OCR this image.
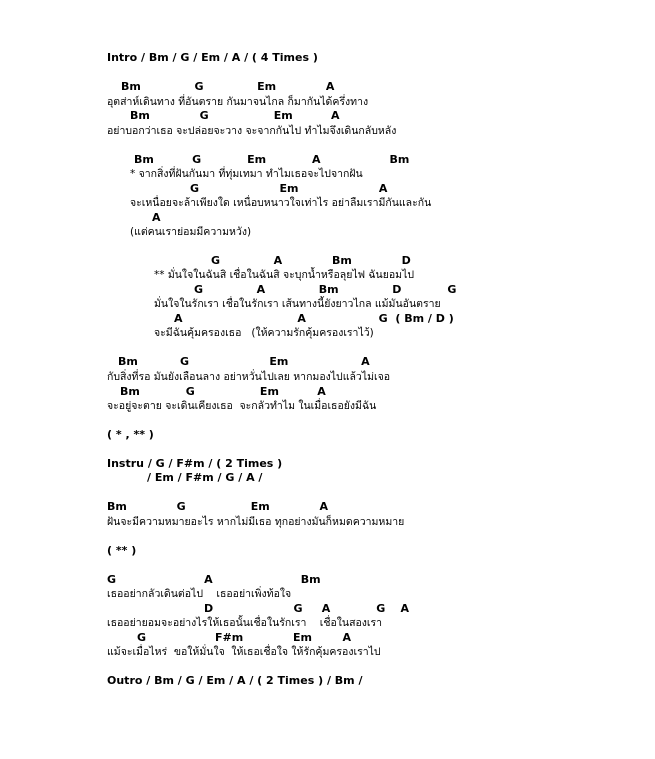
Intro / Bm / G / Em / A / ( 4 Times )
Bm              G              Em             A
อุตส่าห์เดินทาง ที่อันตราย กันมาจนไกล ก็มากันได้ครึ่งทาง
Bm             G                 Em          A
อย่าบอกว่าเธอ จะปล่อยจะวาง จะจากกันไป ทำไมจึงเดินกลับหลัง
Bm          G            Em            A                  Bm
* จากสิ่งที่ฝันกันมา ที่ทุ่มเทมา ทำไมเธอจะไปจากฝัน
G                     Em                     A
จะเหนื่อยจะล้าเพียงใด เหนื่อบหนาวใจเท่าไร อย่าลืมเรามีกันและกัน
A
(แต่คนเราย่อมมีความหวัง)
G              A             Bm             D
** มั่นใจในฉันสิ เชื่อในฉันสิ จะบุกน้ำหรือลุยไฟ ฉันยอมไป
G              A              Bm              D            G
มั่นใจในรักเรา เชื่อในรักเรา เส้นทางนี้ยังยาวไกล แม้มันอันตราย
A                              A                   G  ( Bm / D )
จะมีฉันคุ้มครองเธอ   (ให้ความรักคุ้มครองเราไว้)
Bm           G                     Em                   A
กับสิ่งที่รอ มันยังเลือนลาง อย่าหวั่นไปเลย หากมองไปแล้วไม่เจอ
Bm            G                 Em          A
จะอยู่จะตาย จะเดินเคียงเธอ  จะกลัวทำไม ในเมื่อเธอยังมีฉัน
( * , ** )
Instru / G / F#m / ( 2 Times )
/ Em / F#m / G / A /
Bm             G                 Em             A
ฝันจะมีความหมายอะไร หากไม่มีเธอ ทุกอย่างมันก็หมดความหมาย
( ** )
G                       A                       Bm
เธออย่ากลัวเดินต่อไป    เธออย่าเพิ่งท้อใจ
D                     G     A            G    A
เธออย่ายอมจะอย่างไรให้เธอนั้นเชื่อในรักเรา    เชื่อในสองเรา
G                  F#m             Em        A
แม้จะเมื่อไหร่  ขอให้มั่นใจ  ให้เธอเชื่อใจ ให้รักคุ้มครองเราไป
Outro / Bm / G / Em / A / ( 2 Times ) / Bm /
